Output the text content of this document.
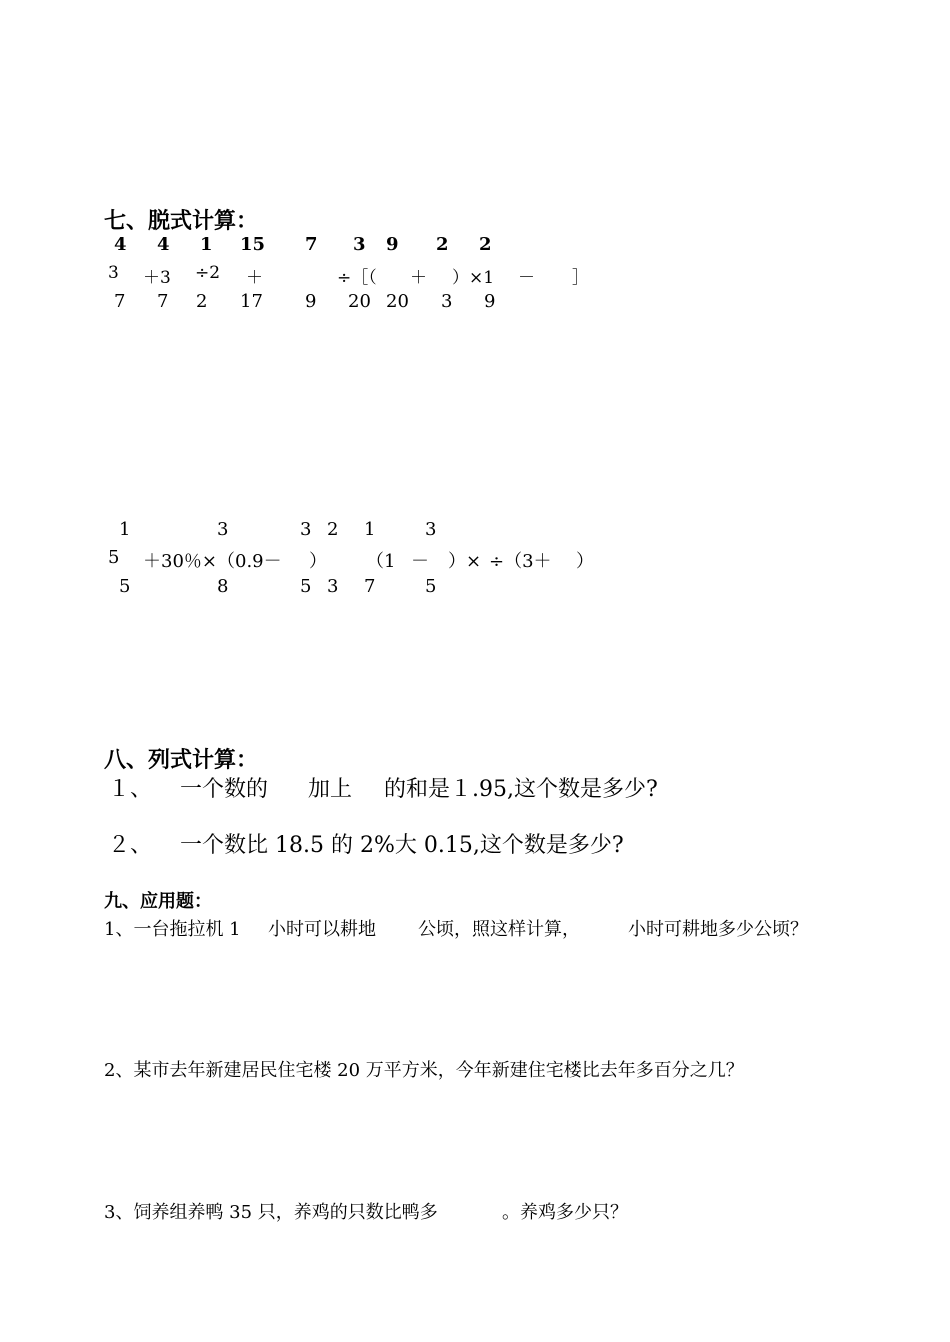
七、脱式计算：
4 4 1 15 7 3 9 2 2
3 ＋3 ÷2 ＋	÷［（ ＋ ）×1 － ］
7 7 2 17 9 20 20 3 9
1	3	3 2 1	3
5 ＋30％×（0.9－ ） （1 － ）× ÷（3＋ ）
5	8	5 3 7	5
八、列式计算：
１、 一个数的 加上 的和是１.95,这个数是多少?
２、 一个数比 18.5 的 2%大 0.15,这个数是多少?
九、应用题：
1、一台拖拉机 1 小时可以耕地 公顷，照这样计算，	小时可耕地多少公顷？
2、某市去年新建居民住宅楼 20 万平方米，今年新建住宅楼比去年多百分之几？
3、饲养组养鸭 35 只，养鸡的只数比鸭多	。养鸡多少只？
